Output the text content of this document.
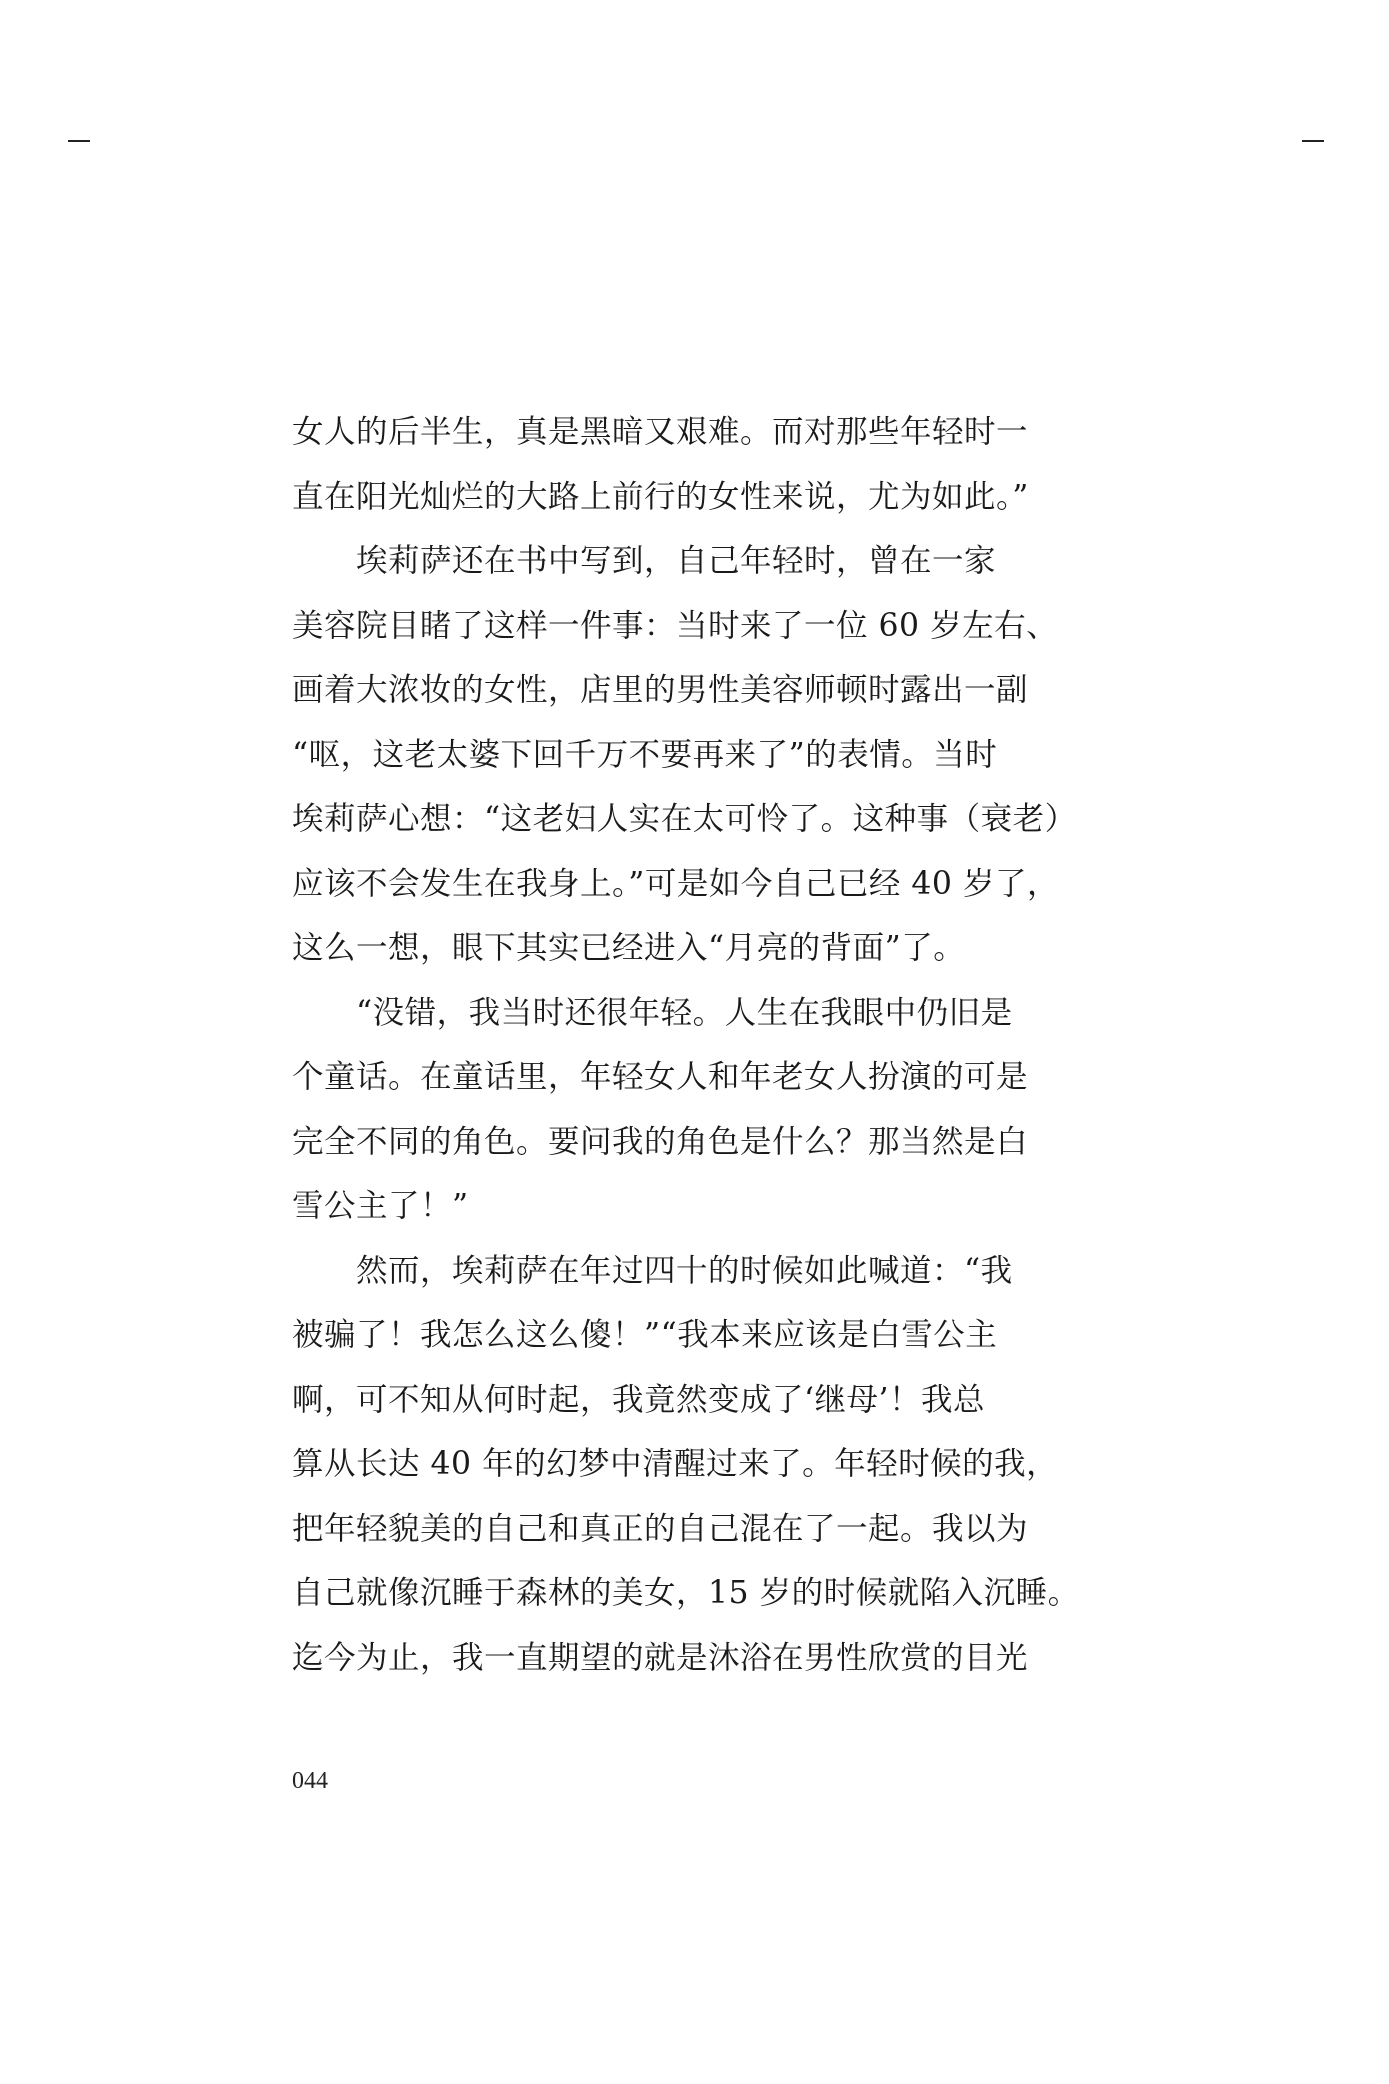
女人的后半生，真是黑暗又艰难。而对那些年轻时一
直在阳光灿烂的大路上前行的女性来说，尤为如此。”
埃莉萨还在书中写到，自己年轻时，曾在一家
美容院目睹了这样一件事：当时来了一位 60 岁左右、
画着大浓妆的女性，店里的男性美容师顿时露出一副
“呕，这老太婆下回千万不要再来了”的表情。当时
埃莉萨心想：“这老妇人实在太可怜了。这种事（衰老）
应该不会发生在我身上。”可是如今自己已经 40 岁了，
这么一想，眼下其实已经进入“月亮的背面”了。
“没错，我当时还很年轻。人生在我眼中仍旧是
个童话。在童话里，年轻女人和年老女人扮演的可是
完全不同的角色。要问我的角色是什么？那当然是白
雪公主了！”
然而，埃莉萨在年过四十的时候如此喊道：“我
被骗了！我怎么这么傻！”“我本来应该是白雪公主
啊，可不知从何时起，我竟然变成了‘继母’！我总
算从长达 40 年的幻梦中清醒过来了。年轻时候的我，
把年轻貌美的自己和真正的自己混在了一起。我以为
自己就像沉睡于森林的美女，15 岁的时候就陷入沉睡。
迄今为止，我一直期望的就是沐浴在男性欣赏的目光
044
